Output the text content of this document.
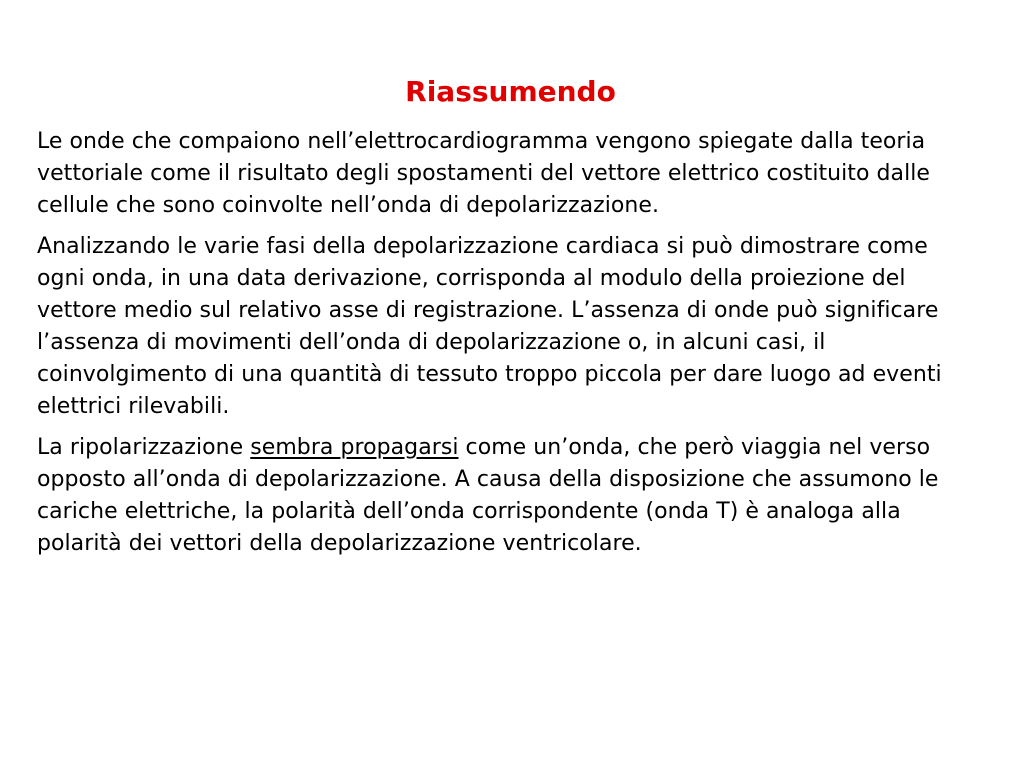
Riassumendo

Le onde che compaiono nell’elettrocardiogramma vengono spiegate dalla teoria vettoriale come il risultato degli spostamenti del vettore elettrico costituito dalle cellule che sono coinvolte nell’onda di depolarizzazione.

Analizzando le varie fasi della depolarizzazione cardiaca si può dimostrare come ogni onda, in una data derivazione, corrisponda al modulo della proiezione del vettore medio sul relativo asse di registrazione. L’assenza di onde può significare l’assenza di movimenti dell’onda di depolarizzazione o, in alcuni casi, il coinvolgimento di una quantità di tessuto troppo piccola per dare luogo ad eventi elettrici rilevabili.

La ripolarizzazione sembra propagarsi come un’onda, che però viaggia nel verso opposto all’onda di depolarizzazione. A causa della disposizione che assumono le cariche elettriche, la polarità dell’onda corrispondente (onda T) è analoga alla polarità dei vettori della depolarizzazione ventricolare.
